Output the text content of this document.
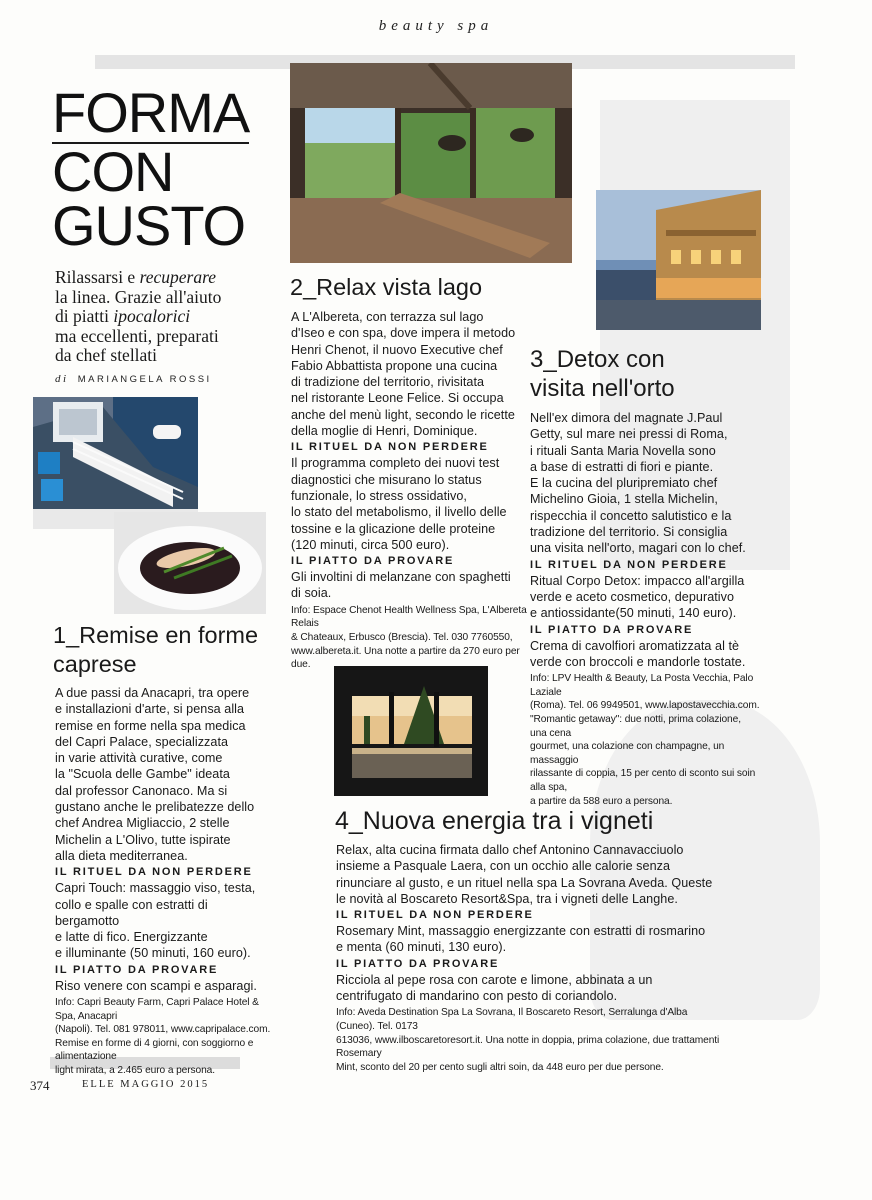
beauty spa
FORMA
CON
GUSTO
Rilassarsi e recuperare
la linea. Grazie all'aiuto
di piatti ipocalorici
ma eccellenti, preparati
da chef stellati
di MARIANGELA ROSSI
1_Remise en forme
caprese
A due passi da Anacapri, tra opere
e installazioni d'arte, si pensa alla
remise en forme nella spa medica
del Capri Palace, specializzata
in varie attività curative, come
la "Scuola delle Gambe" ideata
dal professor Canonaco. Ma si
gustano anche le prelibatezze dello
chef Andrea Migliaccio, 2 stelle
Michelin a L'Olivo, tutte ispirate
alla dieta mediterranea.
IL RITUEL DA NON PERDERE
Capri Touch: massaggio viso, testa,
collo e spalle con estratti di bergamotto
e latte di fico. Energizzante
e illuminante (50 minuti, 160 euro).
IL PIATTO DA PROVARE
Riso venere con scampi e asparagi.
Info: Capri Beauty Farm, Capri Palace Hotel & Spa, Anacapri
(Napoli). Tel. 081 978011, www.capripalace.com.
Remise en forme di 4 giorni, con soggiorno e alimentazione
light mirata, a 2.465 euro a persona.
2_Relax vista lago
A L'Albereta, con terrazza sul lago
d'Iseo e con spa, dove impera il metodo
Henri Chenot, il nuovo Executive chef
Fabio Abbattista propone una cucina
di tradizione del territorio, rivisitata
nel ristorante Leone Felice. Si occupa
anche del menù light, secondo le ricette
della moglie di Henri, Dominique.
IL RITUEL DA NON PERDERE
Il programma completo dei nuovi test
diagnostici che misurano lo status
funzionale, lo stress ossidativo,
lo stato del metabolismo, il livello delle
tossine e la glicazione delle proteine
(120 minuti, circa 500 euro).
IL PIATTO DA PROVARE
Gli involtini di melanzane con spaghetti
di soia.
Info: Espace Chenot Health Wellness Spa, L'Albereta Relais
& Chateaux, Erbusco (Brescia). Tel. 030 7760550,
www.albereta.it. Una notte a partire da 270 euro per due.
4_Nuova energia tra i vigneti
Relax, alta cucina firmata dallo chef Antonino Cannavacciuolo
insieme a Pasquale Laera, con un occhio alle calorie senza
rinunciare al gusto, e un rituel nella spa La Sovrana Aveda. Queste
le novità al Boscareto Resort&Spa, tra i vigneti delle Langhe.
IL RITUEL DA NON PERDERE
Rosemary Mint, massaggio energizzante con estratti di rosmarino
e menta (60 minuti, 130 euro).
IL PIATTO DA PROVARE
Ricciola al pepe rosa con carote e limone, abbinata a un
centrifugato di mandarino con pesto di coriandolo.
Info: Aveda Destination Spa La Sovrana, Il Boscareto Resort, Serralunga d'Alba (Cuneo). Tel. 0173
613036, www.ilboscaretoresort.it. Una notte in doppia, prima colazione, due trattamenti Rosemary
Mint, sconto del 20 per cento sugli altri soin, da 448 euro per due persone.
3_Detox con
visita nell'orto
Nell'ex dimora del magnate J.Paul
Getty, sul mare nei pressi di Roma,
i rituali Santa Maria Novella sono
a base di estratti di fiori e piante.
E la cucina del pluripremiato chef
Michelino Gioia, 1 stella Michelin,
rispecchia il concetto salutistico e la
tradizione del territorio. Si consiglia
una visita nell'orto, magari con lo chef.
IL RITUEL DA NON PERDERE
Ritual Corpo Detox: impacco all'argilla
verde e aceto cosmetico, depurativo
e antiossidante(50 minuti, 140 euro).
IL PIATTO DA PROVARE
Crema di cavolfiori aromatizzata al tè
verde con broccoli e mandorle tostate.
Info: LPV Health & Beauty, La Posta Vecchia, Palo Laziale
(Roma). Tel. 06 9949501, www.lapostavecchia.com.
"Romantic getaway": due notti, prima colazione, una cena
gourmet, una colazione con champagne, un massaggio
rilassante di coppia, 15 per cento di sconto sui soin alla spa,
a partire da 588 euro a persona.
374	ELLE MAGGIO 2015
